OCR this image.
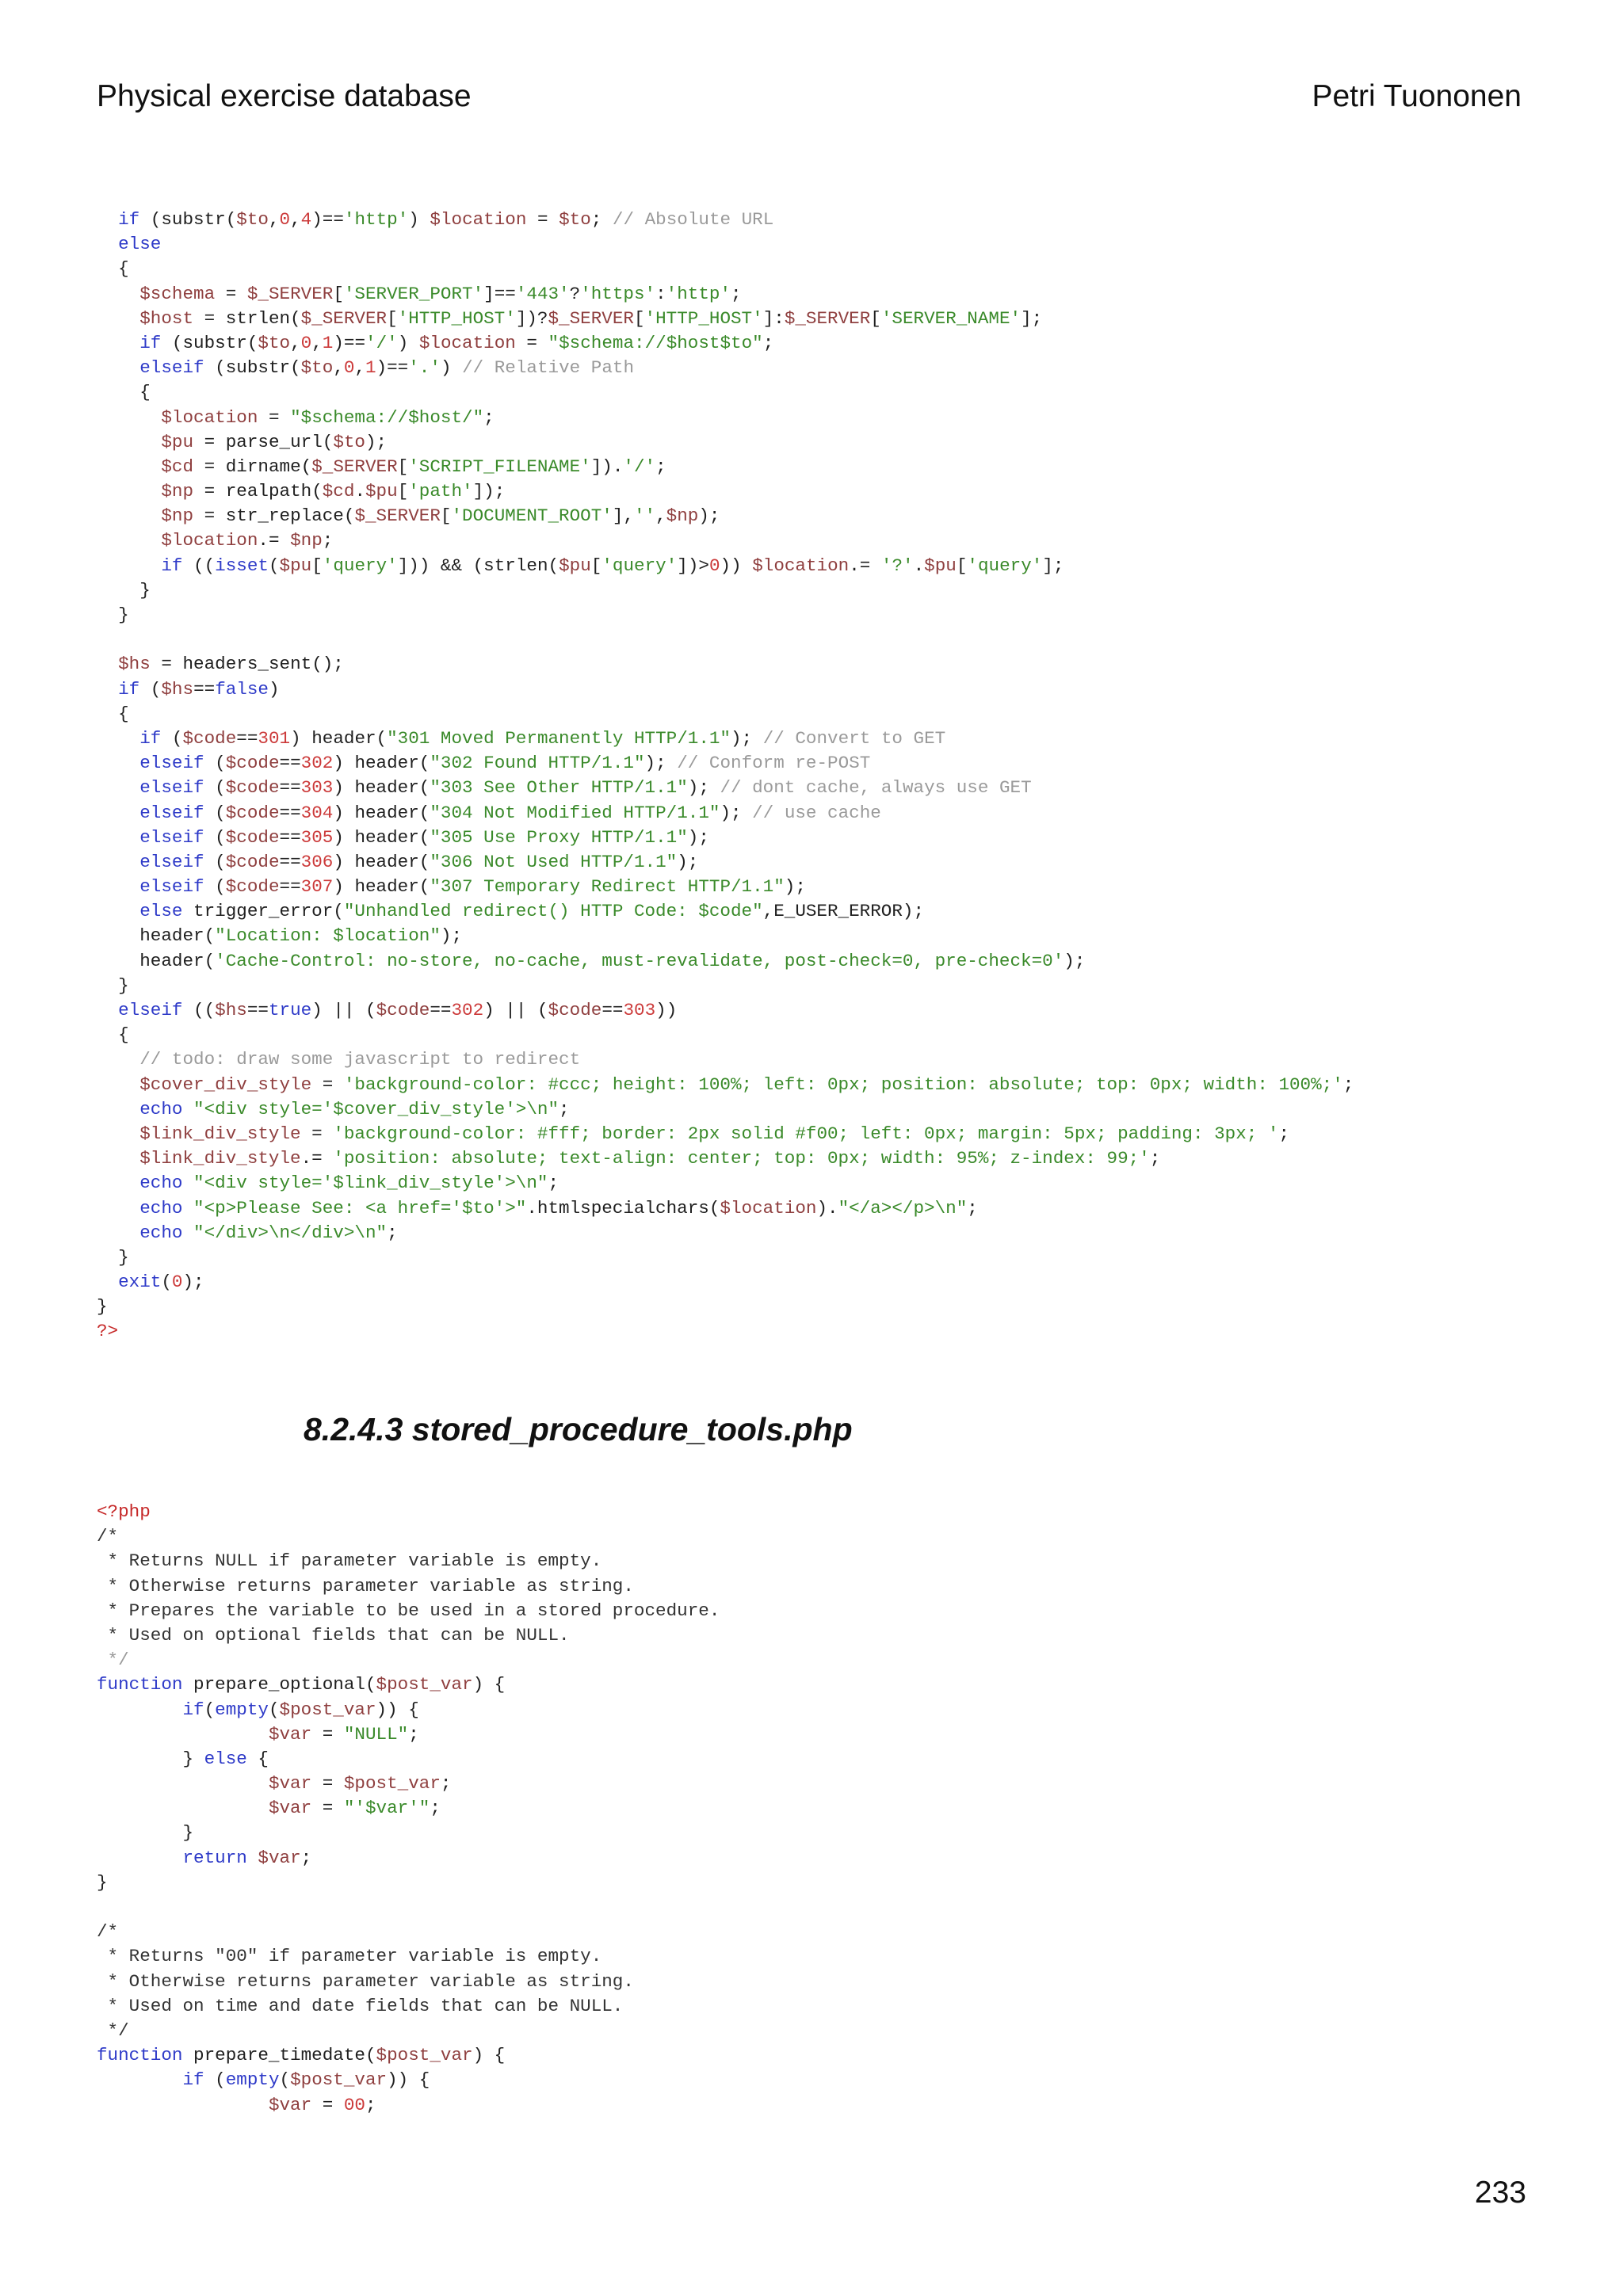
Physical exercise database	Petri Tuononen
if (substr($to,0,4)=='http') $location = $to; // Absolute URL
else
{
$schema = $_SERVER['SERVER_PORT']=='443'?'https':'http';
$host = strlen($_SERVER['HTTP_HOST'])?$_SERVER['HTTP_HOST']:$_SERVER['SERVER_NAME'];
if (substr($to,0,1)=='/') $location = "$schema://$host$to";
elseif (substr($to,0,1)=='.') // Relative Path
{
$location = "$schema://$host/";
$pu = parse_url($to);
$cd = dirname($_SERVER['SCRIPT_FILENAME']).'/';
$np = realpath($cd.$pu['path']);
$np = str_replace($_SERVER['DOCUMENT_ROOT'],'',$np);
$location.= $np;
if ((isset($pu['query'])) && (strlen($pu['query'])>0)) $location.= '?'.$pu['query'];
}
}
$hs = headers_sent();
if ($hs==false)
{
if ($code==301) header("301 Moved Permanently HTTP/1.1"); // Convert to GET
elseif ($code==302) header("302 Found HTTP/1.1"); // Conform re-POST
elseif ($code==303) header("303 See Other HTTP/1.1"); // dont cache, always use GET
elseif ($code==304) header("304 Not Modified HTTP/1.1"); // use cache
elseif ($code==305) header("305 Use Proxy HTTP/1.1");
elseif ($code==306) header("306 Not Used HTTP/1.1");
elseif ($code==307) header("307 Temporary Redirect HTTP/1.1");
else trigger_error("Unhandled redirect() HTTP Code: $code",E_USER_ERROR);
header("Location: $location");
header('Cache-Control: no-store, no-cache, must-revalidate, post-check=0, pre-check=0');
}
elseif (($hs==true) || ($code==302) || ($code==303))
{
// todo: draw some javascript to redirect
$cover_div_style = 'background-color: #ccc; height: 100%; left: 0px; position: absolute; top: 0px; width: 100%;';
echo "<div style='$cover_div_style'>\n";
$link_div_style = 'background-color: #fff; border: 2px solid #f00; left: 0px; margin: 5px; padding: 3px; ';
$link_div_style.= 'position: absolute; text-align: center; top: 0px; width: 95%; z-index: 99;';
echo "<div style='$link_div_style'>\n";
echo "<p>Please See: <a href='$to'>".htmlspecialchars($location)."</a></p>\n";
echo "</div>\n</div>\n";
}
exit(0);
}
?>
8.2.4.3 stored_procedure_tools.php
<?php
/*
* Returns NULL if parameter variable is empty.
* Otherwise returns parameter variable as string.
* Prepares the variable to be used in a stored procedure.
* Used on optional fields that can be NULL.
*/
function prepare_optional($post_var) {
if(empty($post_var)) {
$var = "NULL";
} else {
$var = $post_var;
$var = "'$var'";
}
return $var;
}
/*
* Returns "00" if parameter variable is empty.
* Otherwise returns parameter variable as string.
* Used on time and date fields that can be NULL.
*/
function prepare_timedate($post_var) {
if (empty($post_var)) {
$var = 00;
233
